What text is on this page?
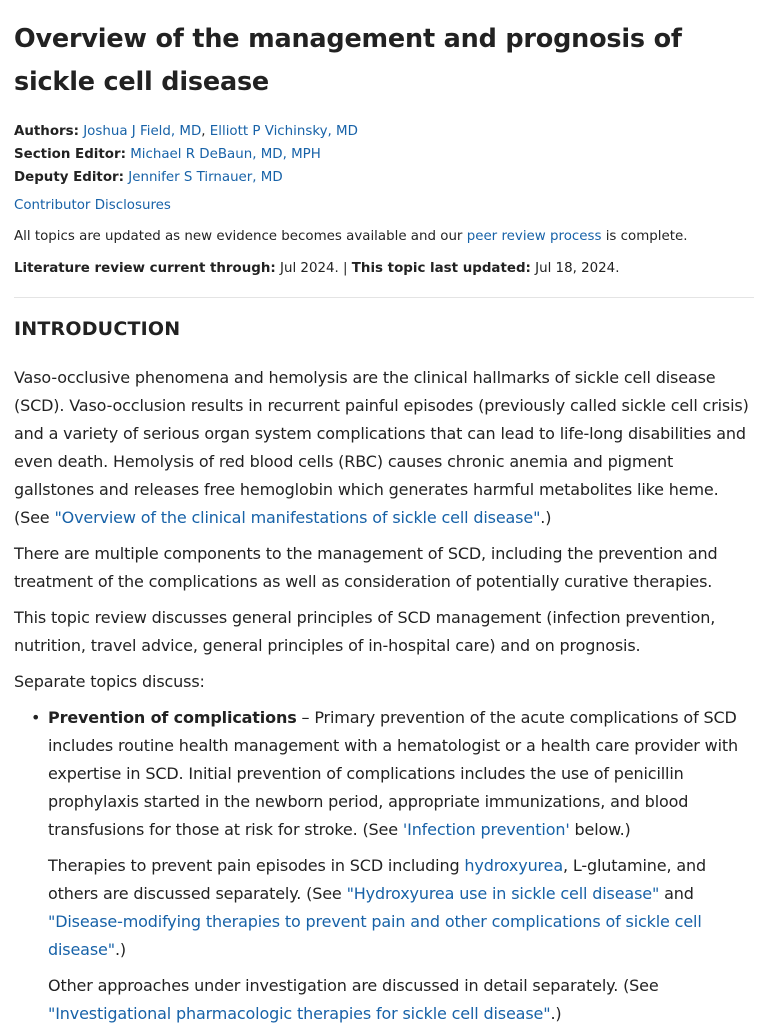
Overview of the management and prognosis of sickle cell disease
Authors: Joshua J Field, MD, Elliott P Vichinsky, MD
Section Editor: Michael R DeBaun, MD, MPH
Deputy Editor: Jennifer S Tirnauer, MD
Contributor Disclosures
All topics are updated as new evidence becomes available and our peer review process is complete.
Literature review current through: Jul 2024. | This topic last updated: Jul 18, 2024.
INTRODUCTION

Vaso-occlusive phenomena and hemolysis are the clinical hallmarks of sickle cell disease (SCD). Vaso-occlusion results in recurrent painful episodes (previously called sickle cell crisis) and a variety of serious organ system complications that can lead to life-long disabilities and even death. Hemolysis of red blood cells (RBC) causes chronic anemia and pigment gallstones and releases free hemoglobin which generates harmful metabolites like heme. (See "Overview of the clinical manifestations of sickle cell disease".)

There are multiple components to the management of SCD, including the prevention and treatment of the complications as well as consideration of potentially curative therapies.

This topic review discusses general principles of SCD management (infection prevention, nutrition, travel advice, general principles of in-hospital care) and on prognosis.

Separate topics discuss:

• Prevention of complications – Primary prevention of the acute complications of SCD includes routine health management with a hematologist or a health care provider with expertise in SCD. Initial prevention of complications includes the use of penicillin prophylaxis started in the newborn period, appropriate immunizations, and blood transfusions for those at risk for stroke. (See 'Infection prevention' below.)

Therapies to prevent pain episodes in SCD including hydroxyurea, L-glutamine, and others are discussed separately. (See "Hydroxyurea use in sickle cell disease" and "Disease-modifying therapies to prevent pain and other complications of sickle cell disease".)

Other approaches under investigation are discussed in detail separately. (See "Investigational pharmacologic therapies for sickle cell disease".)
